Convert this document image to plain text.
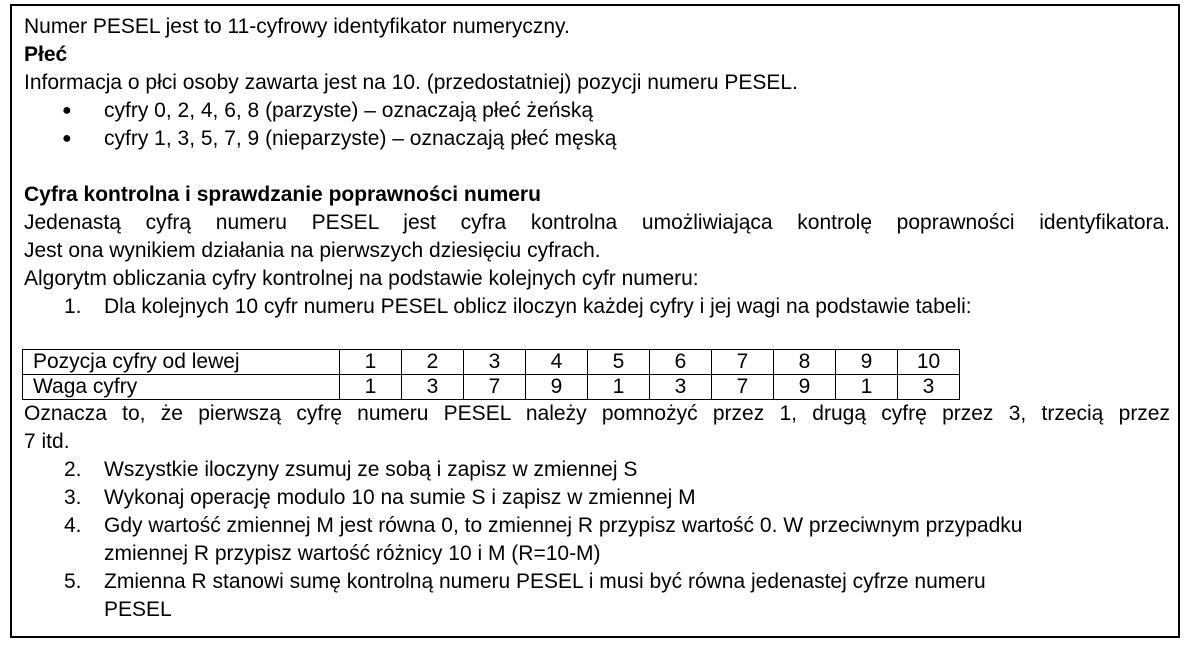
Numer PESEL jest to 11-cyfrowy identyfikator numeryczny.
Płeć
Informacja o płci osoby zawarta jest na 10. (przedostatniej) pozycji numeru PESEL.
● cyfry 0, 2, 4, 6, 8 (parzyste) – oznaczają płeć żeńską
● cyfry 1, 3, 5, 7, 9 (nieparzyste) – oznaczają płeć męską
Cyfra kontrolna i sprawdzanie poprawności numeru
Jedenastą cyfrą numeru PESEL jest cyfra kontrolna umożliwiająca kontrolę poprawności identyfikatora.
Jest ona wynikiem działania na pierwszych dziesięciu cyfrach.
Algorytm obliczania cyfry kontrolnej na podstawie kolejnych cyfr numeru:
1. Dla kolejnych 10 cyfr numeru PESEL oblicz iloczyn każdej cyfry i jej wagi na podstawie tabeli:
Pozycja cyfry od lewej	1	2	3	4	5	6	7	8	9	10
Waga cyfry	1	3	7	9	1	3	7	9	1	3
Oznacza to, że pierwszą cyfrę numeru PESEL należy pomnożyć przez 1, drugą cyfrę przez 3, trzecią przez
7 itd.
2. Wszystkie iloczyny zsumuj ze sobą i zapisz w zmiennej S
3. Wykonaj operację modulo 10 na sumie S i zapisz w zmiennej M
4. Gdy wartość zmiennej M jest równa 0, to zmiennej R przypisz wartość 0. W przeciwnym przypadku
zmiennej R przypisz wartość różnicy 10 i M (R=10-M)
5. Zmienna R stanowi sumę kontrolną numeru PESEL i musi być równa jedenastej cyfrze numeru
PESEL
